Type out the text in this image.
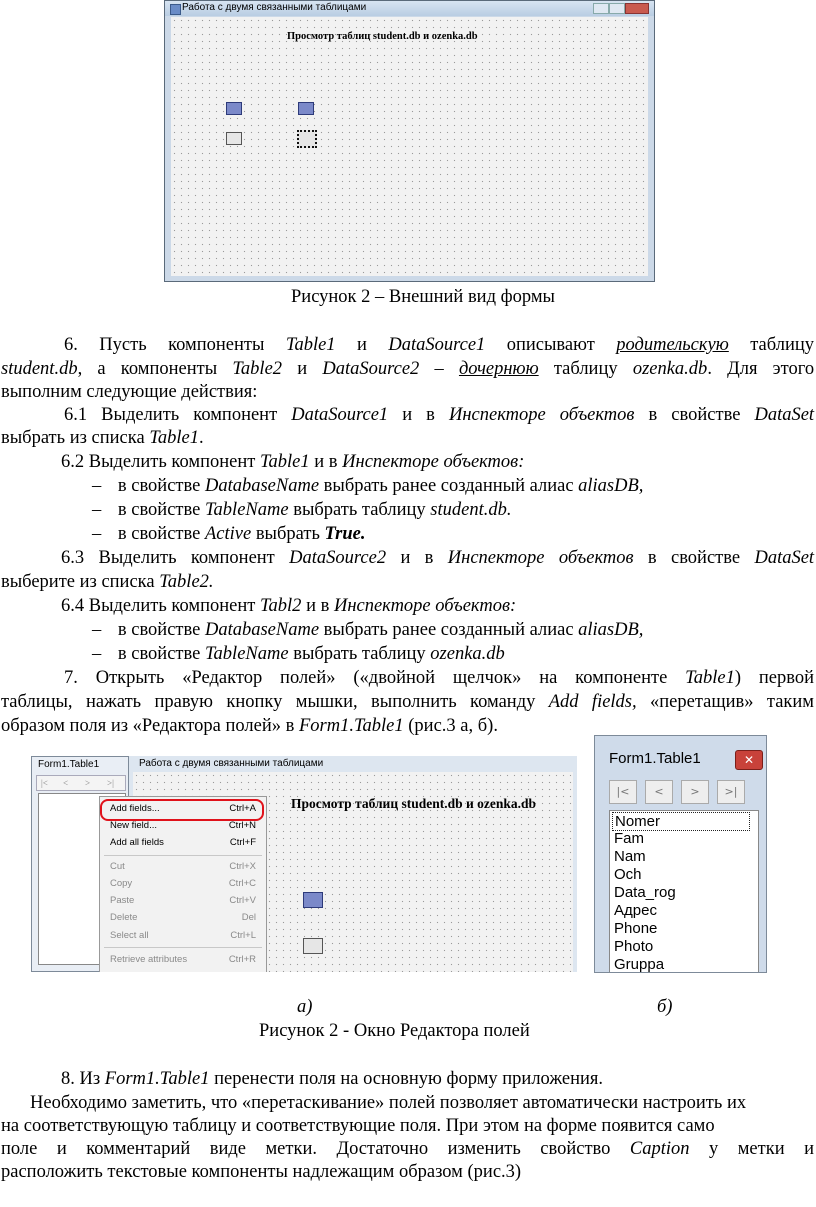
Работа с двумя связанными таблицами
Просмотр таблиц student.db и ozenka.db
Рисунок 2 – Внешний вид формы
6. Пусть компоненты Table1 и DataSource1 описывают родительскую таблицу
student.db, а компоненты Table2 и DataSource2 – дочернюю таблицу ozenka.db. Для этого
выполним следующие действия:
6.1 Выделить компонент DataSource1 и в Инспекторе объектов в свойстве DataSet
выбрать из списка Table1.
6.2 Выделить компонент Table1 и в Инспекторе объектов:
– в свойстве DatabaseName выбрать ранее созданный алиас aliasDB,
– в свойстве TableName выбрать таблицу student.db.
– в свойстве Active выбрать True.
6.3 Выделить компонент DataSource2 и в Инспекторе объектов в свойстве DataSet
выберите из списка Table2.
6.4 Выделить компонент Tabl2 и в Инспекторе объектов:
– в свойстве DatabaseName выбрать ранее созданный алиас aliasDB,
– в свойстве TableName выбрать таблицу ozenka.db
7. Открыть «Редактор полей» («двойной щелчок» на компоненте Table1) первой
таблицы, нажать правую кнопку мышки, выполнить команду Add fields, «перетащив» таким
образом поля из «Редактора полей» в Form1.Table1 (рис.3 а, б).
Form1.Table1
|< < > >|
Работа с двумя связанными таблицами
Просмотр таблиц student.db и ozenka.db
Add fields...	Ctrl+A
New field...	Ctrl+N
Add all fields	Ctrl+F
Cut	Ctrl+X
Copy	Ctrl+C
Paste	Ctrl+V
Delete	Del
Select all	Ctrl+L
Retrieve attributes	Ctrl+R
Form1.Table1	✕
|<	<	>	>|
Nomer
Fam
Nam
Och
Data_rog
Адрес
Phone
Photo
Gruppa
а)	б)
Рисунок 2 - Окно Редактора полей
8. Из Form1.Table1 перенести поля на основную форму приложения.
Необходимо заметить, что «перетаскивание» полей позволяет автоматически настроить их
на соответствующую таблицу и соответствующие поля. При этом на форме появится само
поле и комментарий виде метки. Достаточно изменить свойство Caption у метки и
расположить текстовые компоненты надлежащим образом (рис.3)
